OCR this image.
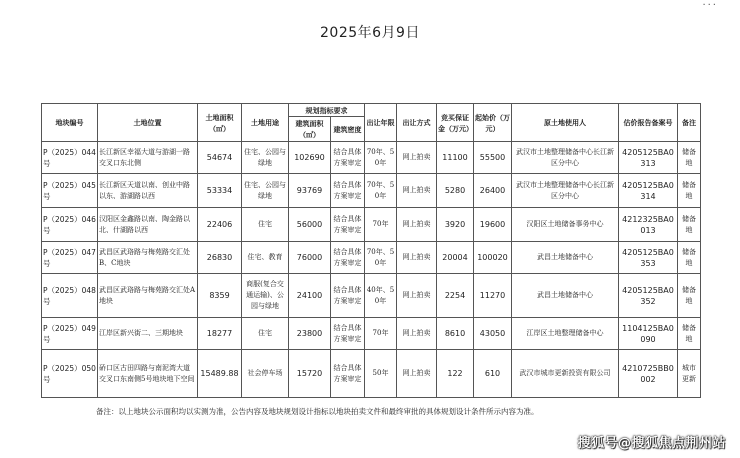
...
2025年6月9日
地块编号	土地位置	土地面积（㎡）	土地用途	规划指标要求		出让年限	出让方式	竞买保证金（万元）	起始价（万元）	原土地使用人	估价报告备案号	备注
				建筑面积（㎡）	建筑密度							
P（2025）044号	长江新区幸福大道与游湖一路交叉口东北侧	54674	住宅、公园与绿地	102690	结合具体方案审定	70年、50年	网上拍卖	11100	55500	武汉市土地整理储备中心长江新区分中心	4205125BA0313	储备地
P（2025）045号	长江新区天道以南、创业中路以东、游湖路以西	53334	住宅、公园与绿地	93769	结合具体方案审定	70年、50年	网上拍卖	5280	26400	武汉市土地整理储备中心长江新区分中心	4205125BA0314	储备地
P（2025）046号	汉阳区金鑫路以南、陶金路以北、什湖路以西	22406	住宅	56000	结合具体方案审定	70年	网上拍卖	3920	19600	汉阳区土地储备事务中心	4212325BA0013	储备地
P（2025）047号	武昌区武珞路与梅苑路交汇处B、C地块	26830	住宅、教育	76000	结合具体方案审定	70年、50年	网上拍卖	20004	100020	武昌土地储备中心	4205125BA0353	储备地
P（2025）048号	武昌区武珞路与梅苑路交汇处A地块	8359	商服(复合交通运输)、公园与绿地	24100	结合具体方案审定	40年、50年	网上拍卖	2254	11270	武昌土地储备中心	4205125BA0352	储备地
P（2025）049号	江岸区新兴街二、三期地块	18277	住宅	23800	结合具体方案审定	70年	网上拍卖	8610	43050	江岸区土地整理储备中心	1104125BA0090	储备地
P（2025）050号	硚口区古田四路与南泥湾大道交叉口东南侧5号地块地下空间	15489.88	社会停车场	15720	结合具体方案审定	50年	网上拍卖	122	610	武汉市城市更新投资有限公司	4210725BB0002	城市更新
备注：以上地块公示面积均以实测为准，公告内容及地块规划设计指标以地块拍卖文件和最终审批的具体规划设计条件所示内容为准。
搜狐号@搜狐焦点荆州站
